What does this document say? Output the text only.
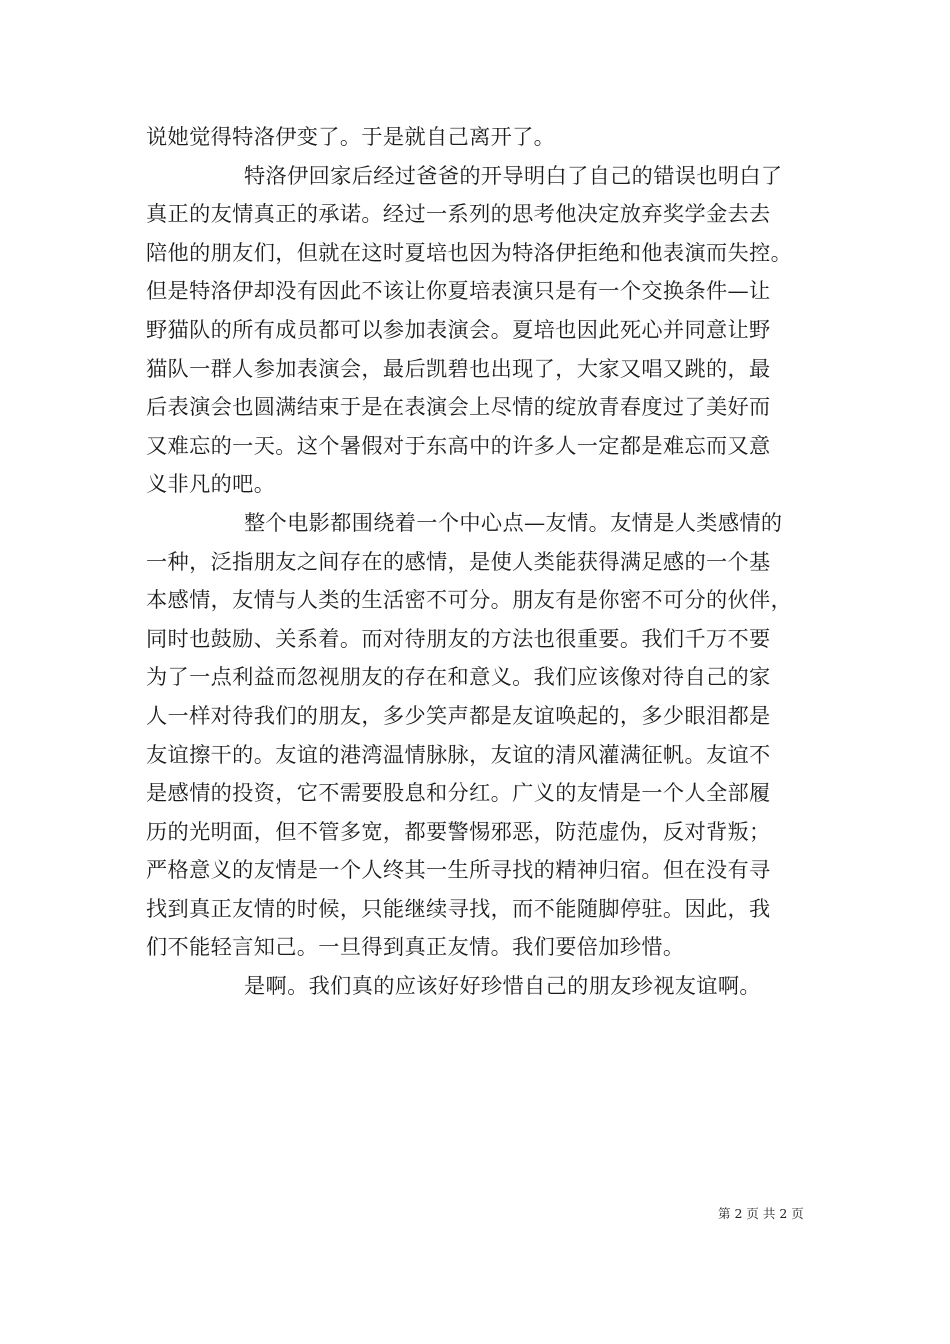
说她觉得特洛伊变了。于是就自己离开了。
特洛伊回家后经过爸爸的开导明白了自己的错误也明白了
真正的友情真正的承诺。经过一系列的思考他决定放弃奖学金去去
陪他的朋友们，但就在这时夏培也因为特洛伊拒绝和他表演而失控。
但是特洛伊却没有因此不该让你夏培表演只是有一个交换条件—让
野猫队的所有成员都可以参加表演会。夏培也因此死心并同意让野
猫队一群人参加表演会，最后凯碧也出现了，大家又唱又跳的，最
后表演会也圆满结束于是在表演会上尽情的绽放青春度过了美好而
又难忘的一天。这个暑假对于东高中的许多人一定都是难忘而又意
义非凡的吧。
整个电影都围绕着一个中心点—友情。友情是人类感情的
一种，泛指朋友之间存在的感情，是使人类能获得满足感的一个基
本感情，友情与人类的生活密不可分。朋友有是你密不可分的伙伴，
同时也鼓励、关系着。而对待朋友的方法也很重要。我们千万不要
为了一点利益而忽视朋友的存在和意义。我们应该像对待自己的家
人一样对待我们的朋友，多少笑声都是友谊唤起的，多少眼泪都是
友谊擦干的。友谊的港湾温情脉脉，友谊的清风灌满征帆。友谊不
是感情的投资，它不需要股息和分红。广义的友情是一个人全部履
历的光明面，但不管多宽，都要警惕邪恶，防范虚伪，反对背叛；
严格意义的友情是一个人终其一生所寻找的精神归宿。但在没有寻
找到真正友情的时候，只能继续寻找，而不能随脚停驻。因此，我
们不能轻言知己。一旦得到真正友情。我们要倍加珍惜。
是啊。我们真的应该好好珍惜自己的朋友珍视友谊啊。
第 2 页 共 2 页
